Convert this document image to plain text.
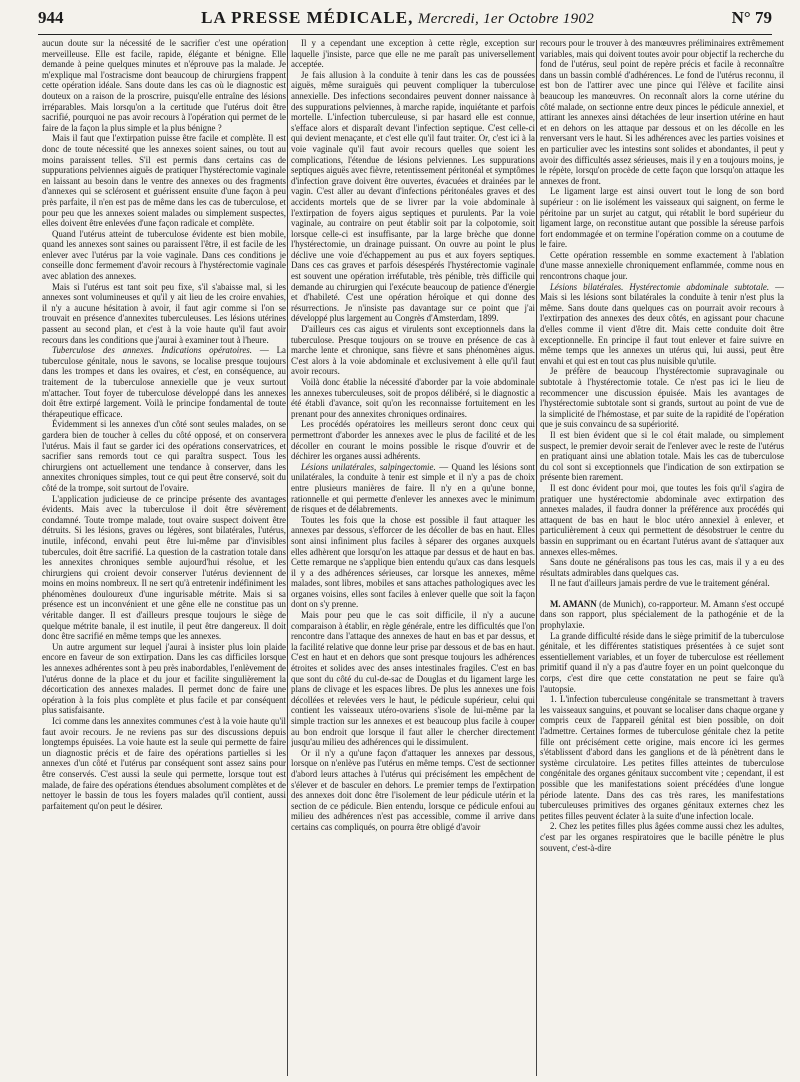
944	LA PRESSE MÉDICALE, Mercredi, 1er Octobre 1902	N° 79

aucun doute sur la nécessité de le sacrifier c'est une opération merveilleuse. Elle est facile, rapide, élégante et bénigne. Elle demande à peine quelques minutes et n'éprouve pas la malade. Je m'explique mal l'ostracisme dont beaucoup de chirurgiens frappent cette opération idéale. Sans doute dans les cas où le diagnostic est douteux on a raison de la proscrire, puisqu'elle entraîne des lésions irréparables. Mais lorsqu'on a la certitude que l'utérus doit être sacrifié, pourquoi ne pas avoir recours à l'opération qui permet de le faire de la façon la plus simple et la plus bénigne ?

Mais il faut que l'extirpation puisse être facile et complète. Il est donc de toute nécessité que les annexes soient saines, ou tout au moins paraissent telles. S'il est permis dans certains cas de suppurations pelviennes aiguës de pratiquer l'hystérectomie vaginale en laissant au besoin dans le ventre des annexes ou des fragments d'annexes qui se sclérosent et guérissent ensuite d'une façon à peu près parfaite, il n'en est pas de même dans les cas de tuberculose, et pour peu que les annexes soient malades ou simplement suspectes, elles doivent être enlevées d'une façon radicale et complète.

Quand l'utérus atteint de tuberculose évidente est bien mobile, quand les annexes sont saines ou paraissent l'être, il est facile de les enlever avec l'utérus par la voie vaginale. Dans ces conditions je conseille donc fermement d'avoir recours à l'hystérectomie vaginale avec ablation des annexes.

Mais si l'utérus est tant soit peu fixe, s'il s'abaisse mal, si les annexes sont volumineuses et qu'il y ait lieu de les croire envahies, il n'y a aucune hésitation à avoir, il faut agir comme si l'on se trouvait en présence d'annexites tuberculeuses. Les lésions utérines passent au second plan, et c'est à la voie haute qu'il faut avoir recours dans les conditions que j'aurai à examiner tout à l'heure.

Tuberculose des annexes. Indications opératoires. — La tuberculose génitale, nous le savons, se localise presque toujours dans les trompes et dans les ovaires, et c'est, en conséquence, au traitement de la tuberculose annexielle que je veux surtout m'attacher. Tout foyer de tuberculose développé dans les annexes doit être extirpé largement. Voilà le principe fondamental de toute thérapeutique efficace.

Évidemment si les annexes d'un côté sont seules malades, on se gardera bien de toucher à celles du côté opposé, et on conservera l'utérus. Mais il faut se garder ici des opérations conservatrices, et sacrifier sans remords tout ce qui paraîtra suspect. Tous les chirurgiens ont actuellement une tendance à conserver, dans les annexites chroniques simples, tout ce qui peut être conservé, soit du côté de la trompe, soit surtout de l'ovaire.

L'application judicieuse de ce principe présente des avantages évidents. Mais avec la tuberculose il doit être sévèrement condamné. Toute trompe malade, tout ovaire suspect doivent être détruits. Si les lésions, graves ou légères, sont bilatérales, l'utérus, inutile, infécond, envahi peut être lui-même par d'invisibles tubercules, doit être sacrifié. La question de la castration totale dans les annexites chroniques semble aujourd'hui résolue, et les chirurgiens qui croient devoir conserver l'utérus deviennent de moins en moins nombreux. Il ne sert qu'à entretenir indéfiniment les phénomènes douloureux d'une ingurisable métrite. Mais si sa présence est un inconvénient et une gêne elle ne constitue pas un véritable danger. Il est d'ailleurs presque toujours le siège de quelque métrite banale, il est inutile, il peut être dangereux. Il doit donc être sacrifié en même temps que les annexes.

Un autre argument sur lequel j'aurai à insister plus loin plaide encore en faveur de son extirpation. Dans les cas difficiles lorsque les annexes adhérentes sont à peu près inabordables, l'enlèvement de l'utérus donne de la place et du jour et facilite singulièrement la décortication des annexes malades. Il permet donc de faire une opération à la fois plus complète et plus facile et par conséquent plus satisfaisante.

Ici comme dans les annexites communes c'est à la voie haute qu'il faut avoir recours. Je ne reviens pas sur des discussions depuis longtemps épuisées. La voie haute est la seule qui permette de faire un diagnostic précis et de faire des opérations partielles si les annexes d'un côté et l'utérus par conséquent sont assez sains pour être conservés. C'est aussi la seule qui permette, lorsque tout est malade, de faire des opérations étendues absolument complètes et de nettoyer le bassin de tous les foyers malades qu'il contient, aussi parfaitement qu'on peut le désirer.

Il y a cependant une exception à cette règle, exception sur laquelle j'insiste, parce que elle ne me paraît pas universellement acceptée.

Je fais allusion à la conduite à tenir dans les cas de poussées aiguës, même suraiguës qui peuvent compliquer la tuberculose annexielle. Des infections secondaires peuvent donner naissance à des suppurations pelviennes, à marche rapide, inquiétante et parfois mortelle. L'infection tuberculeuse, si par hasard elle est connue, s'efface alors et disparaît devant l'infection septique. C'est celle-ci qui devient menaçante, et c'est elle qu'il faut traiter. Or, c'est ici à la voie vaginale qu'il faut avoir recours quelles que soient les complications, l'étendue de lésions pelviennes. Les suppurations septiques aiguës avec fièvre, retentissement péritonéal et symptômes d'infection grave doivent être ouvertes, évacuées et drainées par le vagin. C'est aller au devant d'infections péritonéales graves et des accidents mortels que de se livrer par la voie abdominale à l'extirpation de foyers aigus septiques et purulents. Par la voie vaginale, au contraire on peut établir soit par la colpotomie, soit lorsque celle-ci est insuffisante, par la large brèche que donne l'hystérectomie, un drainage puissant. On ouvre au point le plus déclive une voie d'échappement au pus et aux foyers septiques. Dans ces cas graves et parfois désespérés l'hystérectomie vaginale est souvent une opération irréfutable, très pénible, très difficile qui demande au chirurgien qui l'exécute beaucoup de patience d'énergie et d'habileté. C'est une opération héroïque et qui donne des résurrections. Je n'insiste pas davantage sur ce point que j'ai développé plus largement au Congrès d'Amsterdam, 1899.

D'ailleurs ces cas aigus et virulents sont exceptionnels dans la tuberculose. Presque toujours on se trouve en présence de cas à marche lente et chronique, sans fièvre et sans phénomènes aigus. C'est alors à la voie abdominale et exclusivement à elle qu'il faut avoir recours.

Voilà donc établie la nécessité d'aborder par la voie abdominale les annexes tuberculeuses, soit de propos délibéré, si le diagnostic a été établi d'avance, soit qu'on les reconnaisse fortuitement en les prenant pour des annexites chroniques ordinaires.

Les procédés opératoires les meilleurs seront donc ceux qui permettront d'aborder les annexes avec le plus de facilité et de les décoller en courant le moins possible le risque d'ouvrir et de déchirer les organes aussi adhérents.

Lésions unilatérales, salpingectomie. — Quand les lésions sont unilatérales, la conduite à tenir est simple et il n'y a pas de choix entre plusieurs manières de faire. Il n'y en a qu'une bonne, rationnelle et qui permette d'enlever les annexes avec le minimum de risques et de délabrements.

Toutes les fois que la chose est possible il faut attaquer les annexes par dessous, s'efforcer de les décoller de bas en haut. Elles sont ainsi infiniment plus faciles à séparer des organes auxquels elles adhèrent que lorsqu'on les attaque par dessus et de haut en bas. Cette remarque ne s'applique bien entendu qu'aux cas dans lesquels il y a des adhérences sérieuses, car lorsque les annexes, même malades, sont libres, mobiles et sans attaches pathologiques avec les organes voisins, elles sont faciles à enlever quelle que soit la façon dont on s'y prenne.

Mais pour peu que le cas soit difficile, il n'y a aucune comparaison à établir, en règle générale, entre les difficultés que l'on rencontre dans l'attaque des annexes de haut en bas et par dessus, et la facilité relative que donne leur prise par dessous et de bas en haut. C'est en haut et en dehors que sont presque toujours les adhérences étroites et solides avec des anses intestinales fragiles. C'est en bas que sont du côté du cul-de-sac de Douglas et du ligament large les plans de clivage et les espaces libres. De plus les annexes une fois décollées et relevées vers le haut, le pédicule supérieur, celui qui contient les vaisseaux utéro-ovariens s'isole de lui-même par la simple traction sur les annexes et est beaucoup plus facile à couper au bon endroit que lorsque il faut aller le chercher directement jusqu'au milieu des adhérences qui le dissimulent.

Or il n'y a qu'une façon d'attaquer les annexes par dessous, lorsque on n'enlève pas l'utérus en même temps. C'est de sectionner d'abord leurs attaches à l'utérus qui précisément les empêchent de s'élever et de basculer en dehors. Le premier temps de l'extirpation des annexes doit donc être l'isolement de leur pédicule utérin et la section de ce pédicule. Bien entendu, lorsque ce pédicule enfoui au milieu des adhérences n'est pas accessible, comme il arrive dans certains cas compliqués, on pourra être obligé d'avoir

recours pour le trouver à des manœuvres préliminaires extrêmement variables, mais qui doivent toutes avoir pour objectif la recherche du fond de l'utérus, seul point de repère précis et facile à reconnaître dans un bassin comblé d'adhérences. Le fond de l'utérus reconnu, il est bon de l'attirer avec une pince qui l'élève et facilite ainsi beaucoup les manœuvres. On reconnaît alors la corne utérine du côté malade, on sectionne entre deux pinces le pédicule annexiel, et attirant les annexes ainsi détachées de leur insertion utérine en haut et en dehors on les attaque par dessous et on les décolle en les renversant vers le haut. Si les adhérences avec les parties voisines et en particulier avec les intestins sont solides et abondantes, il peut y avoir des difficultés assez sérieuses, mais il y en a toujours moins, je le répète, lorsqu'on procède de cette façon que lorsqu'on attaque les annexes de front.

Le ligament large est ainsi ouvert tout le long de son bord supérieur : on lie isolément les vaisseaux qui saignent, on ferme le péritoine par un surjet au catgut, qui rétablit le bord supérieur du ligament large, on reconstitue autant que possible la séreuse parfois fort endommagée et on termine l'opération comme on a coutume de le faire.

Cette opération ressemble en somme exactement à l'ablation d'une masse annexielle chroniquement enflammée, comme nous en rencontrons chaque jour.

Lésions bilatérales. Hystérectomie abdominale subtotale. — Mais si les lésions sont bilatérales la conduite à tenir n'est plus la même. Sans doute dans quelques cas on pourrait avoir recours à l'extirpation des annexes des deux côtés, en agissant pour chacune d'elles comme il vient d'être dit. Mais cette conduite doit être exceptionnelle. En principe il faut tout enlever et faire suivre en même temps que les annexes un utérus qui, lui aussi, peut être envahi et qui est en tout cas plus nuisible qu'utile.

Je préfère de beaucoup l'hystérectomie supravaginale ou subtotale à l'hystérectomie totale. Ce n'est pas ici le lieu de recommencer une discussion épuisée. Mais les avantages de l'hystérectomie subtotale sont si grands, surtout au point de vue de la simplicité de l'hémostase, et par suite de la rapidité de l'opération que je suis convaincu de sa supériorité.

Il est bien évident que si le col était malade, ou simplement suspect, le premier devoir serait de l'enlever avec le reste de l'utérus en pratiquant ainsi une ablation totale. Mais les cas de tuberculose du col sont si exceptionnels que l'indication de son extirpation se présente bien rarement.

Il est donc évident pour moi, que toutes les fois qu'il s'agira de pratiquer une hystérectomie abdominale avec extirpation des annexes malades, il faudra donner la préférence aux procédés qui attaquent de bas en haut le bloc utéro annexiel à enlever, et particulièrement à ceux qui permettent de désobstruer le centre du bassin en supprimant ou en écartant l'utérus avant de s'attaquer aux annexes elles-mêmes.

Sans doute ne généralisons pas tous les cas, mais il y a eu des résultats admirables dans quelques cas.

Il ne faut d'ailleurs jamais perdre de vue le traitement général.

M. AMANN (de Munich), co-rapporteur. M. Amann s'est occupé dans son rapport, plus spécialement de la pathogénie et de la prophylaxie.

La grande difficulté réside dans le siège primitif de la tuberculose génitale, et les différentes statistiques présentées à ce sujet sont essentiellement variables, et un foyer de tuberculose est réellement primitif quand il n'y a pas d'autre foyer en un point quelconque du corps, c'est dire que cette constatation ne peut se faire qu'à l'autopsie.

1. L'infection tuberculeuse congénitale se transmettant à travers les vaisseaux sanguins, et pouvant se localiser dans chaque organe y compris ceux de l'appareil génital est bien possible, on doit l'admettre. Certaines formes de tuberculose génitale chez la petite fille ont précisément cette origine, mais encore ici les germes s'établissent d'abord dans les ganglions et de là pénètrent dans le système circulatoire. Les petites filles atteintes de tuberculose congénitale des organes génitaux succombent vite ; cependant, il est possible que les manifestations soient précédées d'une longue période latente. Dans des cas très rares, les manifestations tuberculeuses primitives des organes génitaux externes chez les petites filles peuvent éclater à la suite d'une infection locale.

2. Chez les petites filles plus âgées comme aussi chez les adultes, c'est par les organes respiratoires que le bacille pénètre le plus souvent, c'est-à-dire
